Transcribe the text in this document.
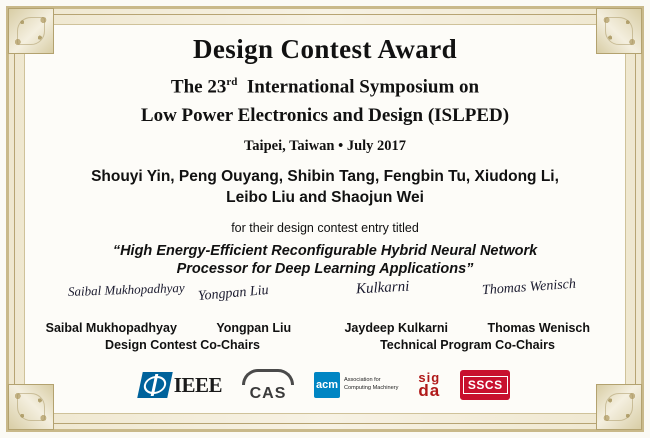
Design Contest Award
The 23rd International Symposium on
Low Power Electronics and Design (ISLPED)
Taipei, Taiwan • July 2017
Shouyi Yin, Peng Ouyang, Shibin Tang, Fengbin Tu, Xiudong Li,
Leibo Liu and Shaojun Wei
for their design contest entry titled
“High Energy-Efficient Reconfigurable Hybrid Neural Network
Processor for Deep Learning Applications”
Saibal Mukhopadhyay Yongpan Liu	Kulkarni	Thomas Wenisch
Saibal Mukhopadhyay	Yongpan Liu	Jaydeep Kulkarni	Thomas Wenisch
Design Contest Co-Chairs	Technical Program Co-Chairs
IEEE CAS	acm	Association for
Computing Machinery
sig
da	SSCS
